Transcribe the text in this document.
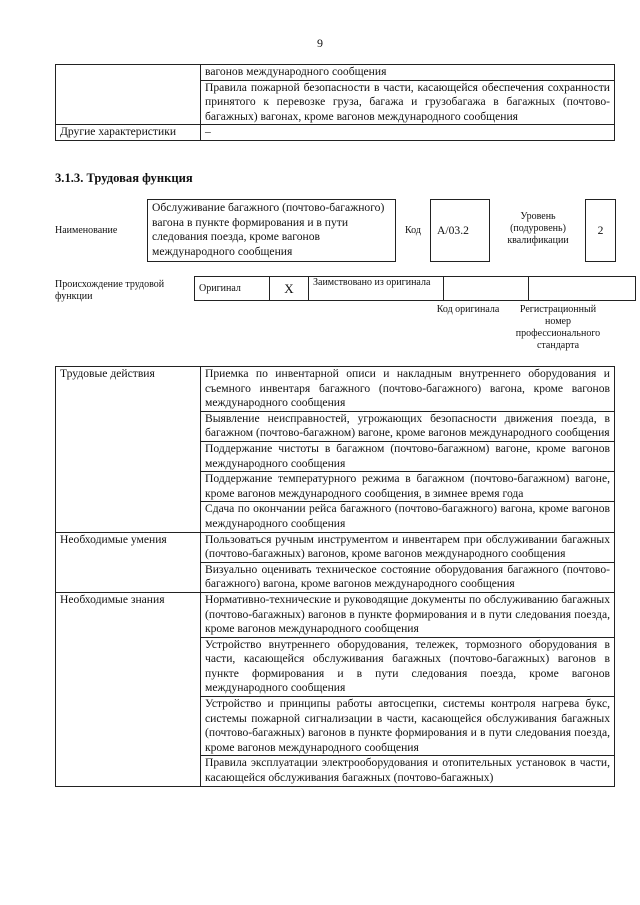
9
	вагонов международного сообщения
	Правила пожарной безопасности в части, касающейся обеспечения сохранности принятого к перевозке груза, багажа и грузобагажа в багажных (почтово-багажных) вагонах, кроме вагонов международного сообщения
Другие характеристики	–
3.1.3. Трудовая функция
Наименование
Обслуживание багажного (почтово-багажного) вагона в пункте формирования и в пути следования поезда, кроме вагонов международного сообщения
Код	А/03.2
Уровень (подуровень) квалификации
2
Происхождение трудовой функции
Оригинал	X	Заимствовано из оригинала		
Код оригинала	Регистрационный номер профессионального стандарта
Трудовые действия	Приемка по инвентарной описи и накладным внутреннего оборудования и съемного инвентаря багажного (почтово-багажного) вагона, кроме вагонов международного сообщения
	Выявление неисправностей, угрожающих безопасности движения поезда, в багажном (почтово-багажном) вагоне, кроме вагонов международного сообщения
	Поддержание чистоты в багажном (почтово-багажном) вагоне, кроме вагонов международного сообщения
	Поддержание температурного режима в багажном (почтово-багажном) вагоне, кроме вагонов международного сообщения, в зимнее время года
	Сдача по окончании рейса багажного (почтово-багажного) вагона, кроме вагонов международного сообщения
Необходимые умения	Пользоваться ручным инструментом и инвентарем при обслуживании багажных (почтово-багажных) вагонов, кроме вагонов международного сообщения
	Визуально оценивать техническое состояние оборудования багажного (почтово-багажного) вагона, кроме вагонов международного сообщения
Необходимые знания	Нормативно-технические и руководящие документы по обслуживанию багажных (почтово-багажных) вагонов в пункте формирования и в пути следования поезда, кроме вагонов международного сообщения
	Устройство внутреннего оборудования, тележек, тормозного оборудования в части, касающейся обслуживания багажных (почтово-багажных) вагонов в пункте формирования и в пути следования поезда, кроме вагонов международного сообщения
	Устройство и принципы работы автосцепки, системы контроля нагрева букс, системы пожарной сигнализации в части, касающейся обслуживания багажных (почтово-багажных) вагонов в пункте формирования и в пути следования поезда, кроме вагонов международного сообщения
	Правила эксплуатации электрооборудования и отопительных установок в части, касающейся обслуживания багажных (почтово-багажных)
